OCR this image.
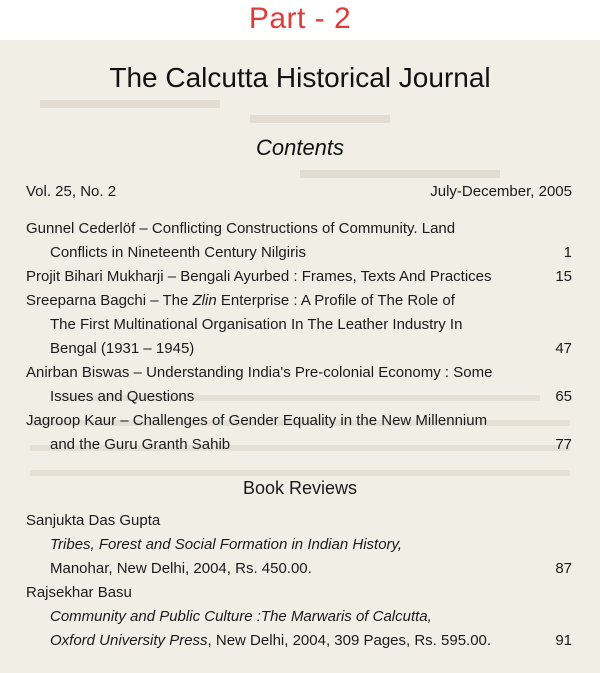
Part - 2
The Calcutta Historical Journal
Contents
Vol. 25, No. 2	July-December, 2005
Gunnel Cederlöf – Conflicting Constructions of Community. Land
Conflicts in Nineteenth Century Nilgiris	1
Projit Bihari Mukharji – Bengali Ayurbed : Frames, Texts And Practices	15
Sreeparna Bagchi – The Zlin Enterprise : A Profile of The Role of
The First Multinational Organisation In The Leather Industry In
Bengal (1931 – 1945)	47
Anirban Biswas – Understanding India's Pre-colonial Economy : Some
Issues and Questions	65
Jagroop Kaur – Challenges of Gender Equality in the New Millennium
and the Guru Granth Sahib	77
Book Reviews
Sanjukta Das Gupta
Tribes, Forest and Social Formation in Indian History,
Manohar, New Delhi, 2004, Rs. 450.00.	87
Rajsekhar Basu
Community and Public Culture :The Marwaris of Calcutta,
Oxford University Press, New Delhi, 2004, 309 Pages, Rs. 595.00.	91
